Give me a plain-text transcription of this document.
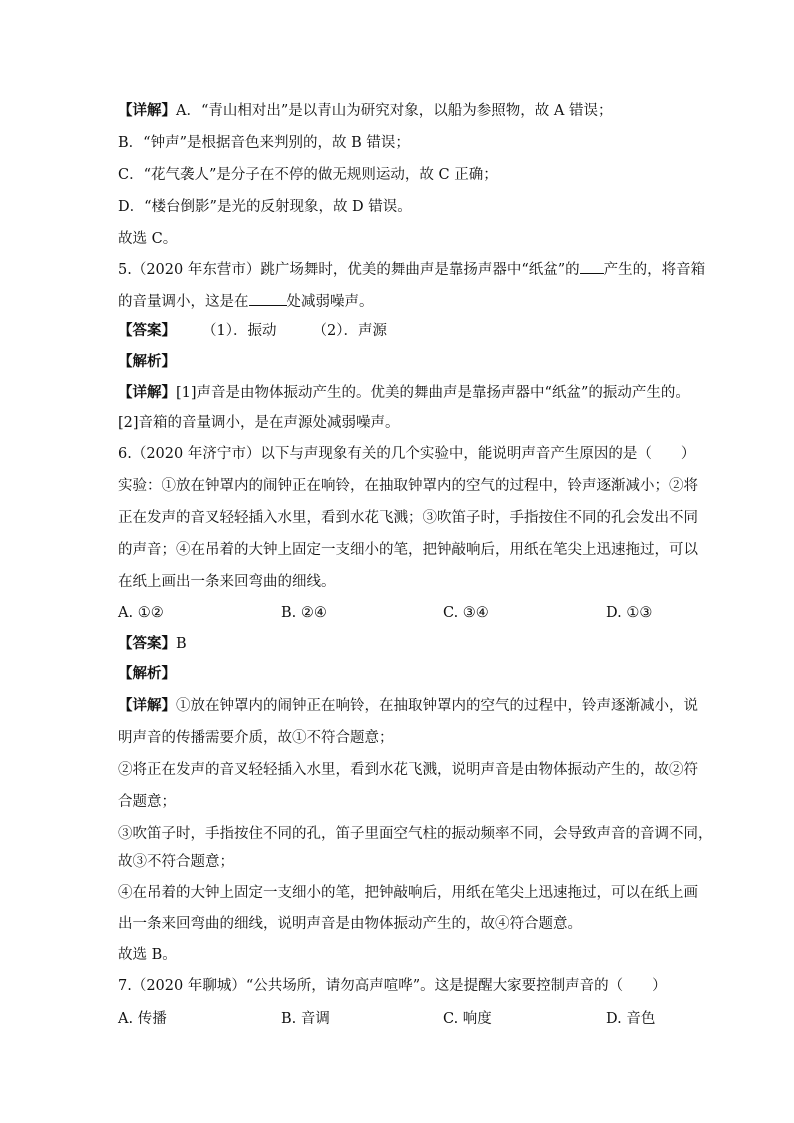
【详解】A．“青山相对出”是以青山为研究对象，以船为参照物，故 A 错误；
B．“钟声”是根据音色来判别的，故 B 错误；
C．“花气袭人”是分子在不停的做无规则运动，故 C 正确；
D．“楼台倒影”是光的反射现象，故 D 错误。
故选 C。
5.（2020 年东营市）跳广场舞时，优美的舞曲声是靠扬声器中“纸盆”的 产生的，将音箱
的音量调小，这是在	处减弱噪声。
【答案】 （1）．振动 （2）．声源
【解析】
【详解】[1]声音是由物体振动产生的。优美的舞曲声是靠扬声器中“纸盆”的振动产生的。
[2]音箱的音量调小，是在声源处减弱噪声。
6.（2020 年济宁市）以下与声现象有关的几个实验中，能说明声音产生原因的是（　　）
实验：①放在钟罩内的闹钟正在响铃，在抽取钟罩内的空气的过程中，铃声逐渐减小；②将
正在发声的音叉轻轻插入水里，看到水花飞溅；③吹笛子时，手指按住不同的孔会发出不同
的声音；④在吊着的大钟上固定一支细小的笔，把钟敲响后，用纸在笔尖上迅速拖过，可以
在纸上画出一条来回弯曲的细线。
A. ①②	B. ②④	C. ③④	D. ①③
【答案】B
【解析】
【详解】①放在钟罩内的闹钟正在响铃，在抽取钟罩内的空气的过程中，铃声逐渐减小，说
明声音的传播需要介质，故①不符合题意；
②将正在发声的音叉轻轻插入水里，看到水花飞溅，说明声音是由物体振动产生的，故②符
合题意；
③吹笛子时，手指按住不同的孔，笛子里面空气柱的振动频率不同，会导致声音的音调不同，
故③不符合题意；
④在吊着的大钟上固定一支细小的笔，把钟敲响后，用纸在笔尖上迅速拖过，可以在纸上画
出一条来回弯曲的细线，说明声音是由物体振动产生的，故④符合题意。
故选 B。
7.（2020 年聊城）“公共场所，请勿高声喧哗”。这是提醒大家要控制声音的（　　）
A. 传播	B. 音调	C. 响度	D. 音色
